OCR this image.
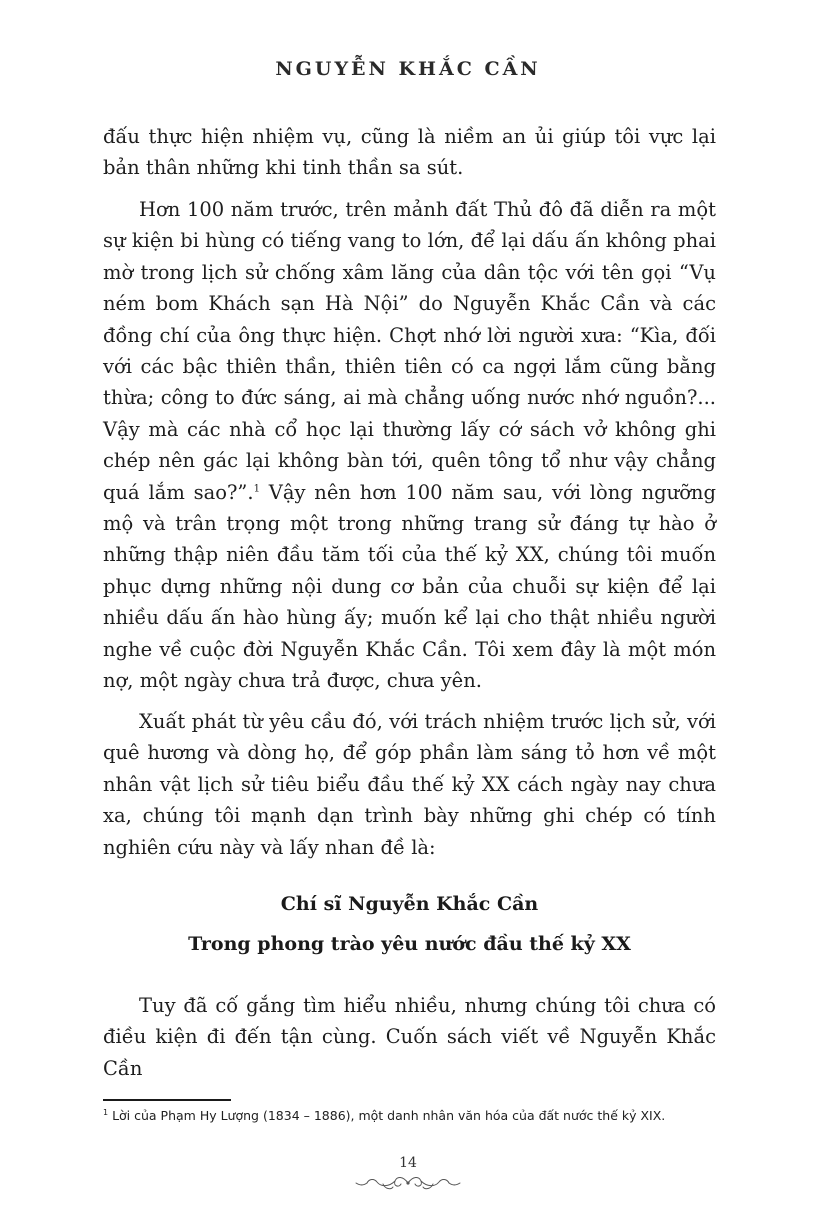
NGUYỄN KHẮC CẦN

đấu thực hiện nhiệm vụ, cũng là niềm an ủi giúp tôi vực lại bản thân những khi tinh thần sa sút.

Hơn 100 năm trước, trên mảnh đất Thủ đô đã diễn ra một sự kiện bi hùng có tiếng vang to lớn, để lại dấu ấn không phai mờ trong lịch sử chống xâm lăng của dân tộc với tên gọi “Vụ ném bom Khách sạn Hà Nội” do Nguyễn Khắc Cần và các đồng chí của ông thực hiện. Chợt nhớ lời người xưa: “Kìa, đối với các bậc thiên thần, thiên tiên có ca ngợi lắm cũng bằng thừa; công to đức sáng, ai mà chẳng uống nước nhớ nguồn?... Vậy mà các nhà cổ học lại thường lấy cớ sách vở không ghi chép nên gác lại không bàn tới, quên tông tổ như vậy chẳng quá lắm sao?”.$^1$ Vậy nên hơn 100 năm sau, với lòng ngưỡng mộ và trân trọng một trong những trang sử đáng tự hào ở những thập niên đầu tăm tối của thế kỷ XX, chúng tôi muốn phục dựng những nội dung cơ bản của chuỗi sự kiện để lại nhiều dấu ấn hào hùng ấy; muốn kể lại cho thật nhiều người nghe về cuộc đời Nguyễn Khắc Cần. Tôi xem đây là một món nợ, một ngày chưa trả được, chưa yên.

Xuất phát từ yêu cầu đó, với trách nhiệm trước lịch sử, với quê hương và dòng họ, để góp phần làm sáng tỏ hơn về một nhân vật lịch sử tiêu biểu đầu thế kỷ XX cách ngày nay chưa xa, chúng tôi mạnh dạn trình bày những ghi chép có tính nghiên cứu này và lấy nhan đề là:

Chí sĩ Nguyễn Khắc Cần
Trong phong trào yêu nước đầu thế kỷ XX

Tuy đã cố gắng tìm hiểu nhiều, nhưng chúng tôi chưa có điều kiện đi đến tận cùng. Cuốn sách viết về Nguyễn Khắc Cần

$^1$ Lời của Phạm Hy Lượng (1834 – 1886), một danh nhân văn hóa của đất nước thế kỷ XIX.
14
